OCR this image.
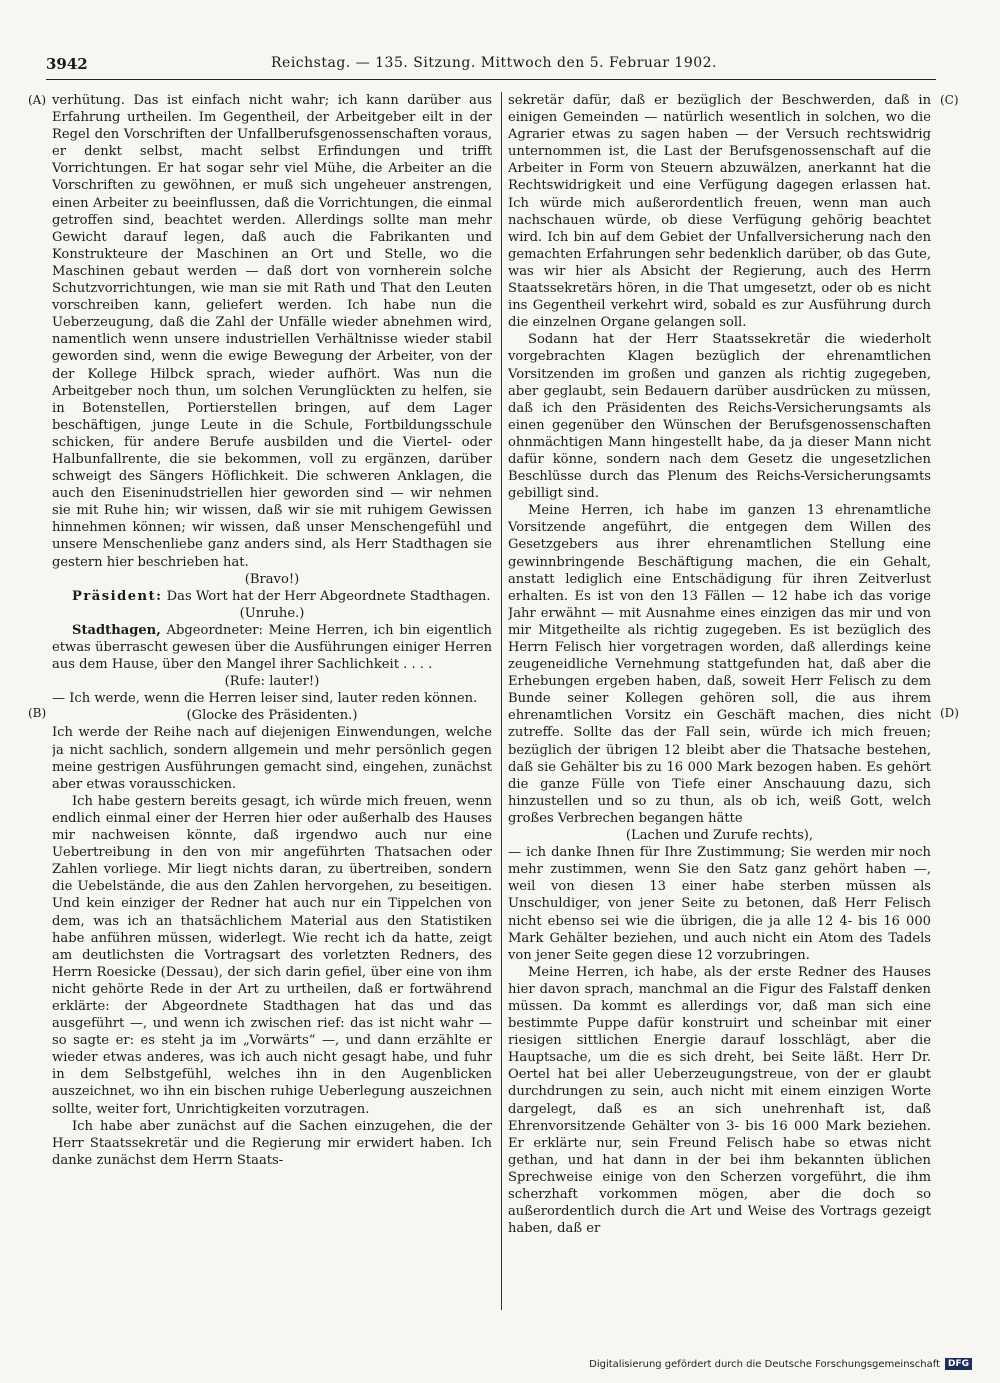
3942	Reichstag. — 135. Sitzung. Mittwoch den 5. Februar 1902.
(A)
(B)
(C)
(D)

verhütung. Das ist einfach nicht wahr; ich kann darüber aus Erfahrung urtheilen. Im Gegentheil, der Arbeitgeber eilt in der Regel den Vorschriften der Unfallberufsgenossenschaften voraus, er denkt selbst, macht selbst Erfindungen und trifft Vorrichtungen. Er hat sogar sehr viel Mühe, die Arbeiter an die Vorschriften zu gewöhnen, er muß sich ungeheuer anstrengen, einen Arbeiter zu beeinflussen, daß die Vorrichtungen, die einmal getroffen sind, beachtet werden. Allerdings sollte man mehr Gewicht darauf legen, daß auch die Fabrikanten und Konstrukteure der Maschinen an Ort und Stelle, wo die Maschinen gebaut werden — daß dort von vornherein solche Schutzvorrichtungen, wie man sie mit Rath und That den Leuten vorschreiben kann, geliefert werden. Ich habe nun die Ueberzeugung, daß die Zahl der Unfälle wieder abnehmen wird, namentlich wenn unsere industriellen Verhältnisse wieder stabil geworden sind, wenn die ewige Bewegung der Arbeiter, von der der Kollege Hilbck sprach, wieder aufhört. Was nun die Arbeitgeber noch thun, um solchen Verunglückten zu helfen, sie in Botenstellen, Portierstellen bringen, auf dem Lager beschäftigen, junge Leute in die Schule, Fortbildungsschule schicken, für andere Berufe ausbilden und die Viertel- oder Halbunfallrente, die sie bekommen, voll zu ergänzen, darüber schweigt des Sängers Höflichkeit. Die schweren Anklagen, die auch den Eiseninudstriellen hier geworden sind — wir nehmen sie mit Ruhe hin; wir wissen, daß wir sie mit ruhigem Gewissen hinnehmen können; wir wissen, daß unser Menschengefühl und unsere Menschenliebe ganz anders sind, als Herr Stadthagen sie gestern hier beschrieben hat.

(Bravo!)

Präsident: Das Wort hat der Herr Abgeordnete Stadthagen.

(Unruhe.)

Stadthagen, Abgeordneter: Meine Herren, ich bin eigentlich etwas überrascht gewesen über die Ausführungen einiger Herren aus dem Hause, über den Mangel ihrer Sachlichkeit . . . .

(Rufe: lauter!)

— Ich werde, wenn die Herren leiser sind, lauter reden können.

(Glocke des Präsidenten.)

Ich werde der Reihe nach auf diejenigen Einwendungen, welche ja nicht sachlich, sondern allgemein und mehr persönlich gegen meine gestrigen Ausführungen gemacht sind, eingehen, zunächst aber etwas vorausschicken.

Ich habe gestern bereits gesagt, ich würde mich freuen, wenn endlich einmal einer der Herren hier oder außerhalb des Hauses mir nachweisen könnte, daß irgendwo auch nur eine Uebertreibung in den von mir angeführten Thatsachen oder Zahlen vorliege. Mir liegt nichts daran, zu übertreiben, sondern die Uebelstände, die aus den Zahlen hervorgehen, zu beseitigen. Und kein einziger der Redner hat auch nur ein Tippelchen von dem, was ich an thatsächlichem Material aus den Statistiken habe anführen müssen, widerlegt. Wie recht ich da hatte, zeigt am deutlichsten die Vortragsart des vorletzten Redners, des Herrn Roesicke (Dessau), der sich darin gefiel, über eine von ihm nicht gehörte Rede in der Art zu urtheilen, daß er fortwährend erklärte: der Abgeordnete Stadthagen hat das und das ausgeführt —, und wenn ich zwischen rief: das ist nicht wahr — so sagte er: es steht ja im „Vorwärts“ —, und dann erzählte er wieder etwas anderes, was ich auch nicht gesagt habe, und fuhr in dem Selbstgefühl, welches ihn in den Augenblicken auszeichnet, wo ihn ein bischen ruhige Ueberlegung auszeichnen sollte, weiter fort, Unrichtigkeiten vorzutragen.

Ich habe aber zunächst auf die Sachen einzugehen, die der Herr Staatssekretär und die Regierung mir erwidert haben. Ich danke zunächst dem Herrn Staats-

sekretär dafür, daß er bezüglich der Beschwerden, daß in einigen Gemeinden — natürlich wesentlich in solchen, wo die Agrarier etwas zu sagen haben — der Versuch rechtswidrig unternommen ist, die Last der Berufsgenossenschaft auf die Arbeiter in Form von Steuern abzuwälzen, anerkannt hat die Rechtswidrigkeit und eine Verfügung dagegen erlassen hat. Ich würde mich außerordentlich freuen, wenn man auch nachschauen würde, ob diese Verfügung gehörig beachtet wird. Ich bin auf dem Gebiet der Unfallversicherung nach den gemachten Erfahrungen sehr bedenklich darüber, ob das Gute, was wir hier als Absicht der Regierung, auch des Herrn Staatssekretärs hören, in die That umgesetzt, oder ob es nicht ins Gegentheil verkehrt wird, sobald es zur Ausführung durch die einzelnen Organe gelangen soll.

Sodann hat der Herr Staatssekretär die wiederholt vorgebrachten Klagen bezüglich der ehrenamtlichen Vorsitzenden im großen und ganzen als richtig zugegeben, aber geglaubt, sein Bedauern darüber ausdrücken zu müssen, daß ich den Präsidenten des Reichs-Versicherungsamts als einen gegenüber den Wünschen der Berufsgenossenschaften ohnmächtigen Mann hingestellt habe, da ja dieser Mann nicht dafür könne, sondern nach dem Gesetz die ungesetzlichen Beschlüsse durch das Plenum des Reichs-Versicherungsamts gebilligt sind.

Meine Herren, ich habe im ganzen 13 ehrenamtliche Vorsitzende angeführt, die entgegen dem Willen des Gesetzgebers aus ihrer ehrenamtlichen Stellung eine gewinnbringende Beschäftigung machen, die ein Gehalt, anstatt lediglich eine Entschädigung für ihren Zeitverlust erhalten. Es ist von den 13 Fällen — 12 habe ich das vorige Jahr erwähnt — mit Ausnahme eines einzigen das mir und von mir Mitgetheilte als richtig zugegeben. Es ist bezüglich des Herrn Felisch hier vorgetragen worden, daß allerdings keine zeugeneidliche Vernehmung stattgefunden hat, daß aber die Erhebungen ergeben haben, daß, soweit Herr Felisch zu dem Bunde seiner Kollegen gehören soll, die aus ihrem ehrenamtlichen Vorsitz ein Geschäft machen, dies nicht zutreffe. Sollte das der Fall sein, würde ich mich freuen; bezüglich der übrigen 12 bleibt aber die Thatsache bestehen, daß sie Gehälter bis zu 16 000 Mark bezogen haben. Es gehört die ganze Fülle von Tiefe einer Anschauung dazu, sich hinzustellen und so zu thun, als ob ich, weiß Gott, welch großes Verbrechen begangen hätte

(Lachen und Zurufe rechts),

— ich danke Ihnen für Ihre Zustimmung; Sie werden mir noch mehr zustimmen, wenn Sie den Satz ganz gehört haben —, weil von diesen 13 einer habe sterben müssen als Unschuldiger, von jener Seite zu betonen, daß Herr Felisch nicht ebenso sei wie die übrigen, die ja alle 12 4- bis 16 000 Mark Gehälter beziehen, und auch nicht ein Atom des Tadels von jener Seite gegen diese 12 vorzubringen.

Meine Herren, ich habe, als der erste Redner des Hauses hier davon sprach, manchmal an die Figur des Falstaff denken müssen. Da kommt es allerdings vor, daß man sich eine bestimmte Puppe dafür konstruirt und scheinbar mit einer riesigen sittlichen Energie darauf losschlägt, aber die Hauptsache, um die es sich dreht, bei Seite läßt. Herr Dr. Oertel hat bei aller Ueberzeugungstreue, von der er glaubt durchdrungen zu sein, auch nicht mit einem einzigen Worte dargelegt, daß es an sich unehrenhaft ist, daß Ehrenvorsitzende Gehälter von 3- bis 16 000 Mark beziehen. Er erklärte nur, sein Freund Felisch habe so etwas nicht gethan, und hat dann in der bei ihm bekannten üblichen Sprechweise einige von den Scherzen vorgeführt, die ihm scherzhaft vorkommen mögen, aber die doch so außerordentlich durch die Art und Weise des Vortrags gezeigt haben, daß er

Digitalisierung gefördert durch die Deutsche Forschungsgemeinschaft DFG
